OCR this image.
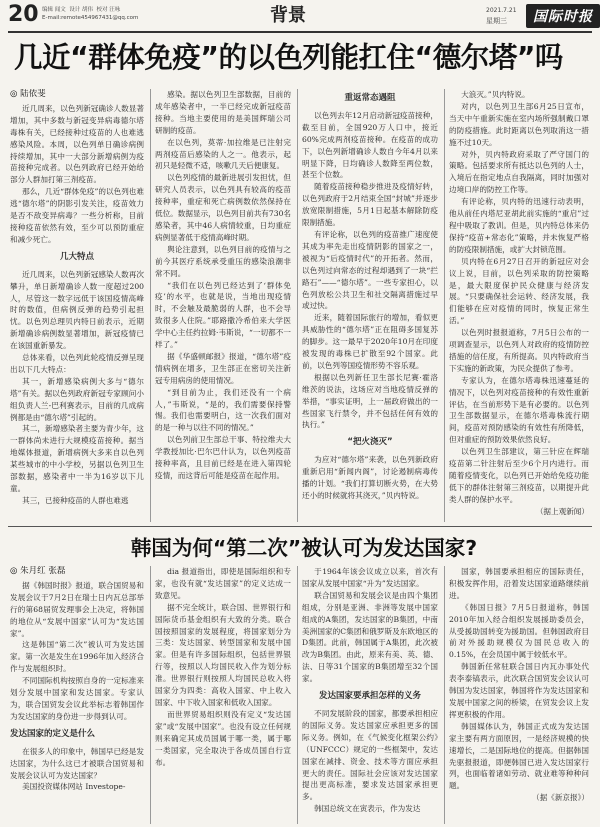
20 编辑 闻文  设计 胡伟  校对 汪咏
E-mail:remote454967431@qq.com	背景	2021.7.21
星期三 国际时报
几近“群体免疫”的以色列能扛住“德尔塔”吗
◎ 陆依斐

近几周来，以色列新冠确诊人数显著增加，其中多数与新冠变异病毒德尔塔毒株有关，已经接种过疫苗的人也难逃感染风险。本周，以色列单日确诊病例持续增加，其中一大部分新增病例为疫苗接种完成者。以色列政府已经开始给部分人群加打第三剂疫苗。

那么，几近“群体免疫”的以色列也难逃“德尔塔”的阴影引发关注，疫苗效力是否不敌变异病毒？一些分析称，目前接种疫苗依然有效，至少可以预防重症和减少死亡。

几大特点

近几周来，以色列新冠感染人数再次攀升，单日新增确诊人数一度超过200人，尽管这一数字远低于该国疫情高峰时的数值，但病例反弹的趋势引起担忧。以色列总理贝内特日前表示，近期新增确诊病例数显著增加，新冠疫情已在该国重新暴发。

总体来看，以色列此轮疫情反弹呈现出以下几大特点：

其一，新增感染病例大多与“德尔塔”有关。据以色列政府新冠专家顾问小组负责人兰-巴利赛表示，目前的几成病例都是由“德尔塔”引起的。

其二，新增感染者主要为青少年，这一群体尚未进行大规模疫苗接种。据当地媒体报道，新增病例大多来自以色列某些城市的中小学校，另据以色列卫生部数据，感染者中一半为16岁以下儿童。

其三，已接种疫苗的人群也难逃

感染。据以色列卫生部数据，目前的成年感染者中，一半已经完成新冠疫苗接种。当地主要使用的是美国辉瑞公司研制的疫苗。

在以色列，莫蒂·加拉维是已注射完两剂疫苗后感染的人之一。他表示，起初只是轻微不适，咳嗽几天后便康复。

以色列疫情的最新进展引发担忧，但研究人员表示，以色列具有较高的疫苗接种率，重症和死亡病例数依然保持在低位。数据显示，以色列目前共有730名感染者，其中46人病情较重，日均重症病例显著低于疫情高峰时期。

舆论注意到，以色列目前的疫情与之前今其医疗系统承受重压的感染浪潮非常不同。

“我们在以色列已经达到了‘群体免疫’的水平，也就是说，当地出现疫情时，不会触及最脆弱的人群，也不会导致很多人住院。”耶路撒冷希伯来大学医学中心主任约拉姆·韦斯说，“一切都不一样了。”

据《华盛顿邮报》报道，“德尔塔”疫情病例在增多，卫生部正在密切关注新冠专用病房的使用情况。

“到目前为止，我们还没有一个病人，”韦斯说，“是的，我们需要保持警惕。我们也需要明白，这一次我们面对的是一种与以往不同的情况。”

以色列前卫生部总干事、特拉维夫大学教授加比·巴尔巴什认为，以色列疫苗接种率高，且目前已经是在进入第四轮疫情，而这背后可能是疫苗在起作用。

重返常态遇阻

以色列去年12月启动新冠疫苗接种，截至目前，全国920万人口中，接近60%完成两剂疫苗接种。在疫苗的成功下，以色列新增确诊人数自今年4月以来明显下降，日均确诊人数降至两位数，甚至个位数。

随着疫苗接种稳步推进及疫情好转，以色列政府于2月结束全国“封城”并逐步放宽限制措施，5月1日起基本解除防疫限制措施。

有评论称，以色列的疫苗推广速度使其成为率先走出疫情阴影的国家之一，被视为“后疫情时代”的开拓者。然而，以色列过向常态的过程却遇到了一块“拦路石”——“德尔塔”。一些专家担心，以色列放松公共卫生和社交隔离措施过早或过快。

近来，随着国际旅行的增加，看似更具威胁性的“德尔塔”正在阻碍多国复苏的脚步。这一最早于2020年10月在印度被发现的毒株已扩散至92个国家。此前，以色列等国疫情形势不容乐观。

根据以色列新任卫生部长尼赛·霍洛维茨的说法，这场应对当地疫情反弹的举措，“事实证明，上一届政府做出的一些国家飞行禁令，并不包括任何有效的执行。”

“把火浇灭”

为应对“德尔塔”来袭，以色列新政府重新启用“新闻内阁”，讨论遏制病毒传播的计划。“我们打算切断火势，在大势还小的时候就将其浇灭，”贝内特说。

大浪灭。”贝内特说。

对内，以色列卫生部6月25日宣布，当天中午重新实施在室内场所强制戴口罩的防疫措施。此时距离以色列取消这一措施不过10天。

对外，贝内特政府采取了严守国门的策略。包括要求所有抵达以色列的人士，入境后在指定地点自我隔离，同时加强对边境口岸的防控工作等。

有评论称，贝内特的迅速行动表明，他从前任内塔尼亚胡此前实施的“重启”过程中吸取了教训。但是，贝内特总体来仍保持“疫苗+常态化”策略，并未恢复严格的防疫限制措施，或扩大封锁范围。

贝内特在6月27日召开的新冠应对会议上说，目前，以色列采取的防控策略是，最大限度保护民众健康与经济发展。“只要确保社会运转、经济发展，我们能够在应对疫情的同时，恢复正常生活。”

以色列时报报道称，7月5日公布的一项调查显示，以色列人对政府的疫情防控措施的信任度，有所提高。贝内特政府当下实施的新政策，为民众提供了参考。

专家认为，在德尔塔毒株迅速蔓延的情况下，以色列对疫苗接种的有效性重新评估，在当前形势下是有必要的。以色列卫生部数据显示，在德尔塔毒株流行期间，疫苗对预防感染的有效性有所降低，但对重症的预防效果依然良好。

以色列卫生部建议，第三针应在辉瑞疫苗第二针注射后至少6个月内进行。而随着疫情变化，以色列已开始给免疫功能低下的群体注射第三剂疫苗，以期提升此类人群的保护水平。

（据上观新闻）
韩国为何“第二次”被认可为发达国家?
◎ 朱月红 张磊

据《韩国时报》报道，联合国贸易和发展会议于7月2日在瑞士日内瓦总部举行的第68届贸发理事会上决定，将韩国的地位从“发展中国家”认可为“发达国家”。

这是韩国“第二次”被认可为发达国家。第一次是发生在1996年加入经济合作与发展组织时。

不同国际机构按照自身的一定标准来划分发展中国家和发达国家。专家认为，联合国贸发会议此举标志着韩国作为发达国家的身份进一步得到认可。

发达国家的定义是什么

在很多人的印象中，韩国早已经是发达国家，为什么这已才被联合国贸易和发展会议认可为发达国家？

美国投资媒体网站 Investope-

dia 报道指出，即使是国际组织和专家，也没有就“发达国家”的定义达成一致意见。

据不完全统计，联合国、世界银行和国际货币基金组织有大致的分类。联合国按照国家的发展程度，将国家划分为三类：发达国家、转型国家和发展中国家。但是有许多国际组织，包括世界银行等，按照以人均国民收入作为划分标准。世界银行则按照人均国民总收入将国家分为四类：高收入国家、中上收入国家、中下收入国家和低收入国家。

而世界贸易组织则没有定义“发达国家”或“发展中国家”。也没有设立任何规则来确定其成员国属于哪一类，属于哪一类国家，完全取决于各成员国自行宣布。

于1964年该会议成立以来，首次有国家从发展中国家“升为”发达国家。

联合国贸易和发展会议是由四个集团组成，分别是亚洲、非洲等发展中国家组成的A集团，发达国家的B集团，中南美洲国家的C集团和俄罗斯及东欧地区的D集团。此前，韩国属于A集团，此次被改为B集团。由此，原来有美、英、德、法、日等31个国家的B集团增至32个国家。

发达国家要承担怎样的义务

不同发展阶段的国家，都要承担相应的国际义务。发达国家应承担更多的国际义务。例如，在《气候变化框架公约》（UNFCCC）规定的一些框架中，发达国家在减排、资金、技术等方面应承担更大的责任。国际社会应该对发达国家提出更高标准，要求发达国家承担更多。

韩国总统文在寅表示，作为发达

国家，韩国要承担相应的国际责任，积极发挥作用，沿着发达国家道路继续前进。

《韩国日报》7月5日报道称，韩国2010年加入经合组织发展援助委员会，从受援助国转变为援助国。但韩国政府目前对外援助规模仅为国民总收入的0.15%，在会员国中属于较低水平。

韩国新任常驻联合国日内瓦办事处代表李泰镐表示，此次联合国贸发会议认可韩国为发达国家，韩国将作为发达国家和发展中国家之间的桥梁，在贸发会议上发挥更积极的作用。

韩国媒体认为，韩国正式成为发达国家主要有两方面原因，一是经济规模的快速增长，二是国际地位的提高。但据韩国先驱报报道，即便韩国已进入发达国家行列，也面临着诸如劳动、就业难等种种问题。

（据《新京报》）
